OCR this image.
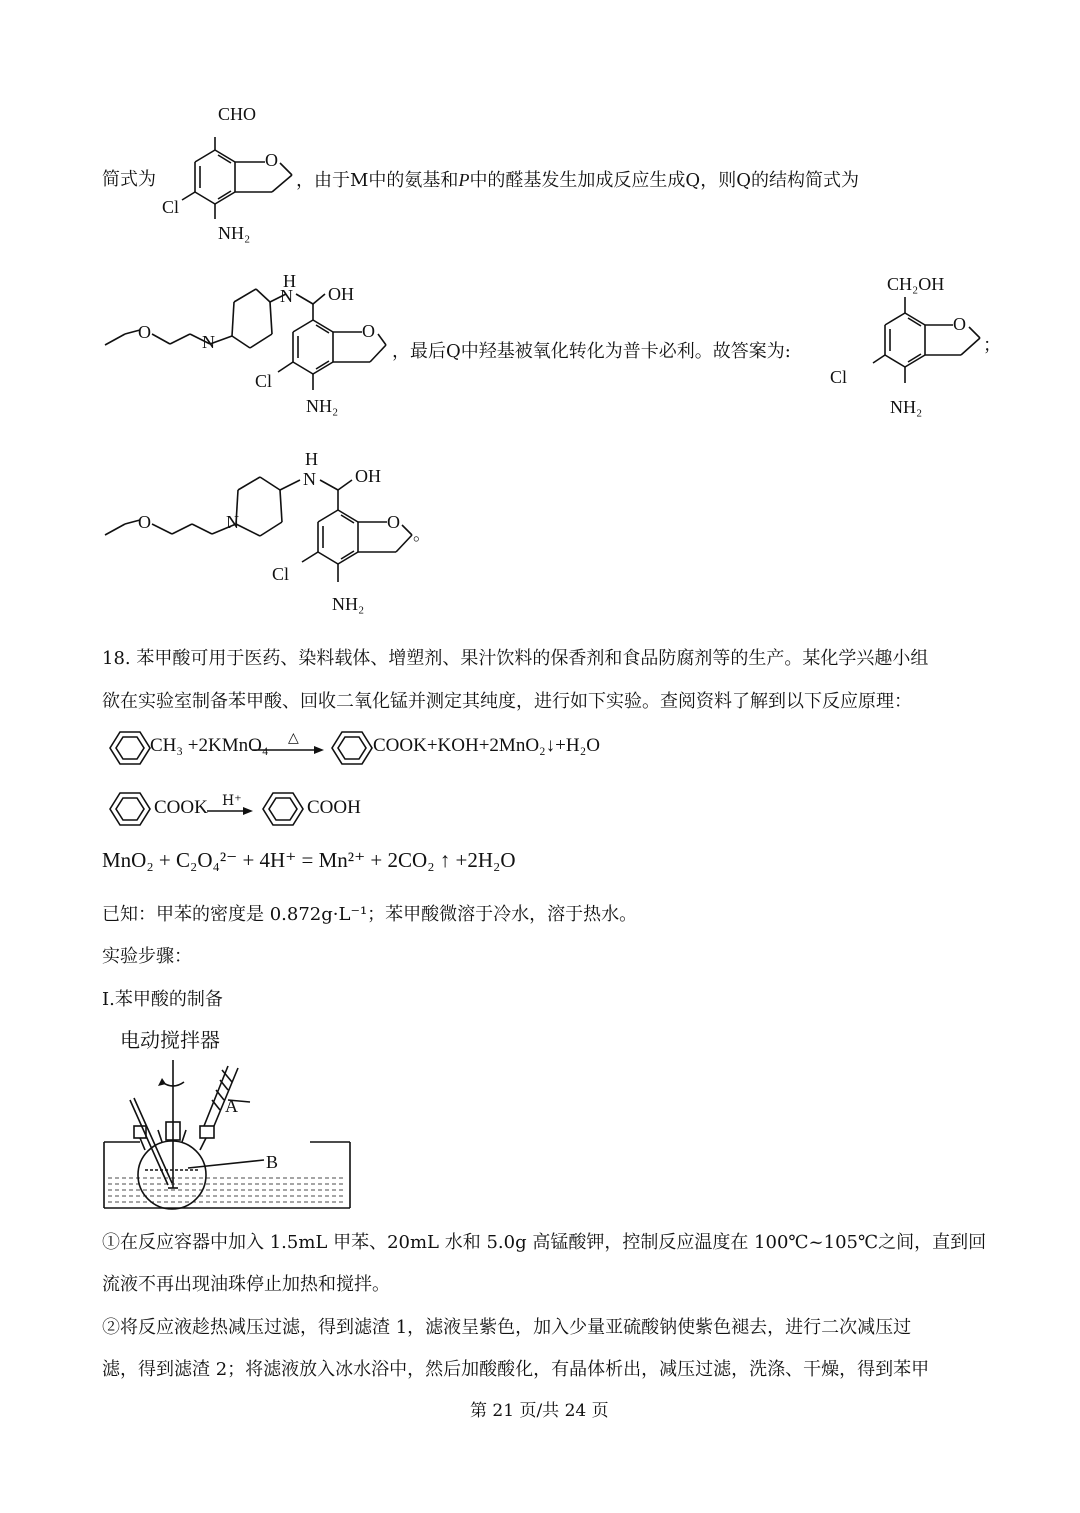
简式为	，由于M中的氨基和P中的醛基发生加成反应生成Q，则Q的结构简式为
CHO
O
Cl
NH₂
H
N OH
O	N
O
Cl
NH₂
，最后Q中羟基被氧化转化为普卡必利。故答案为:
CH₂OH
O
Cl
NH₂
；
H
N OH
O	N	O
。
Cl
NH₂
18. 苯甲酸可用于医药、染料载体、增塑剂、果汁饮料的保香剂和食品防腐剂等的生产。某化学兴趣小组
欲在实验室制备苯甲酸、回收二氧化锰并测定其纯度，进行如下实验。查阅资料了解到以下反应原理：
CH₃ +2KMnO₄ △	COOK+KOH+2MnO₂↓+H₂O
COOK H⁺	COOH
MnO₂ + C₂O₄²⁻ + 4H⁺ = Mn²⁺ + 2CO₂ ↑ +2H₂O
已知：甲苯的密度是 0.872g·L⁻¹；苯甲酸微溶于冷水，溶于热水。
实验步骤：
I.苯甲酸的制备
电动搅拌器
A
B
①在反应容器中加入 1.5mL 甲苯、20mL 水和 5.0g 高锰酸钾，控制反应温度在 100℃~105℃之间，直到回
流液不再出现油珠停止加热和搅拌。
②将反应液趁热减压过滤，得到滤渣 1，滤液呈紫色，加入少量亚硫酸钠使紫色褪去，进行二次减压过
滤，得到滤渣 2；将滤液放入冰水浴中，然后加酸酸化，有晶体析出，减压过滤，洗涤、干燥，得到苯甲
第 21 页/共 24 页
